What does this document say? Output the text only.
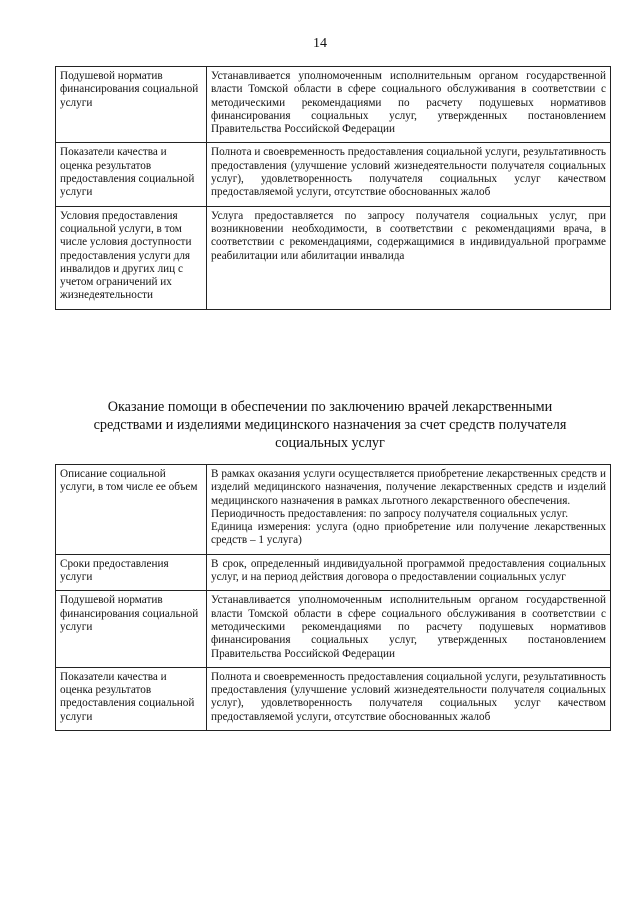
14
Подушевой норматив финансирования социальной услуги	Устанавливается уполномоченным исполнительным органом государственной власти Томской области в сфере социального обслуживания в соответствии с методическими рекомендациями по расчету подушевых нормативов финансирования социальных услуг, утвержденных постановлением Правительства Российской Федерации
Показатели качества и оценка результатов предоставления социальной услуги	Полнота и своевременность предоставления социальной услуги, результативность предоставления (улучшение условий жизнедеятельности получателя социальных услуг), удовлетворенность получателя социальных услуг качеством предоставляемой услуги, отсутствие обоснованных жалоб
Условия предоставления социальной услуги, в том числе условия доступности предоставления услуги для инвалидов и других лиц с учетом ограничений их жизнедеятельности	Услуга предоставляется по запросу получателя социальных услуг, при возникновении необходимости, в соответствии с рекомендациями врача, в соответствии с рекомендациями, содержащимися в индивидуальной программе реабилитации или абилитации инвалида
Оказание помощи в обеспечении по заключению врачей лекарственными
средствами и изделиями медицинского назначения за счет средств получателя
социальных услуг
Описание социальной услуги, в том числе ее объем	В рамках оказания услуги осуществляется приобретение лекарственных средств и изделий медицинского назначения, получение лекарственных средств и изделий медицинского назначения в рамках льготного лекарственного обеспечения.
Периодичность предоставления: по запросу получателя социальных услуг.
Единица измерения: услуга (одно приобретение или получение лекарственных средств – 1 услуга)

Сроки предоставления услуги	В срок, определенный индивидуальной программой предоставления социальных услуг, и на период действия договора о предоставлении социальных услуг
Подушевой норматив финансирования социальной услуги	Устанавливается уполномоченным исполнительным органом государственной власти Томской области в сфере социального обслуживания в соответствии с методическими рекомендациями по расчету подушевых нормативов финансирования социальных услуг, утвержденных постановлением Правительства Российской Федерации
Показатели качества и оценка результатов предоставления социальной услуги	Полнота и своевременность предоставления социальной услуги, результативность предоставления (улучшение условий жизнедеятельности получателя социальных услуг), удовлетворенность получателя социальных услуг качеством предоставляемой услуги, отсутствие обоснованных жалоб
